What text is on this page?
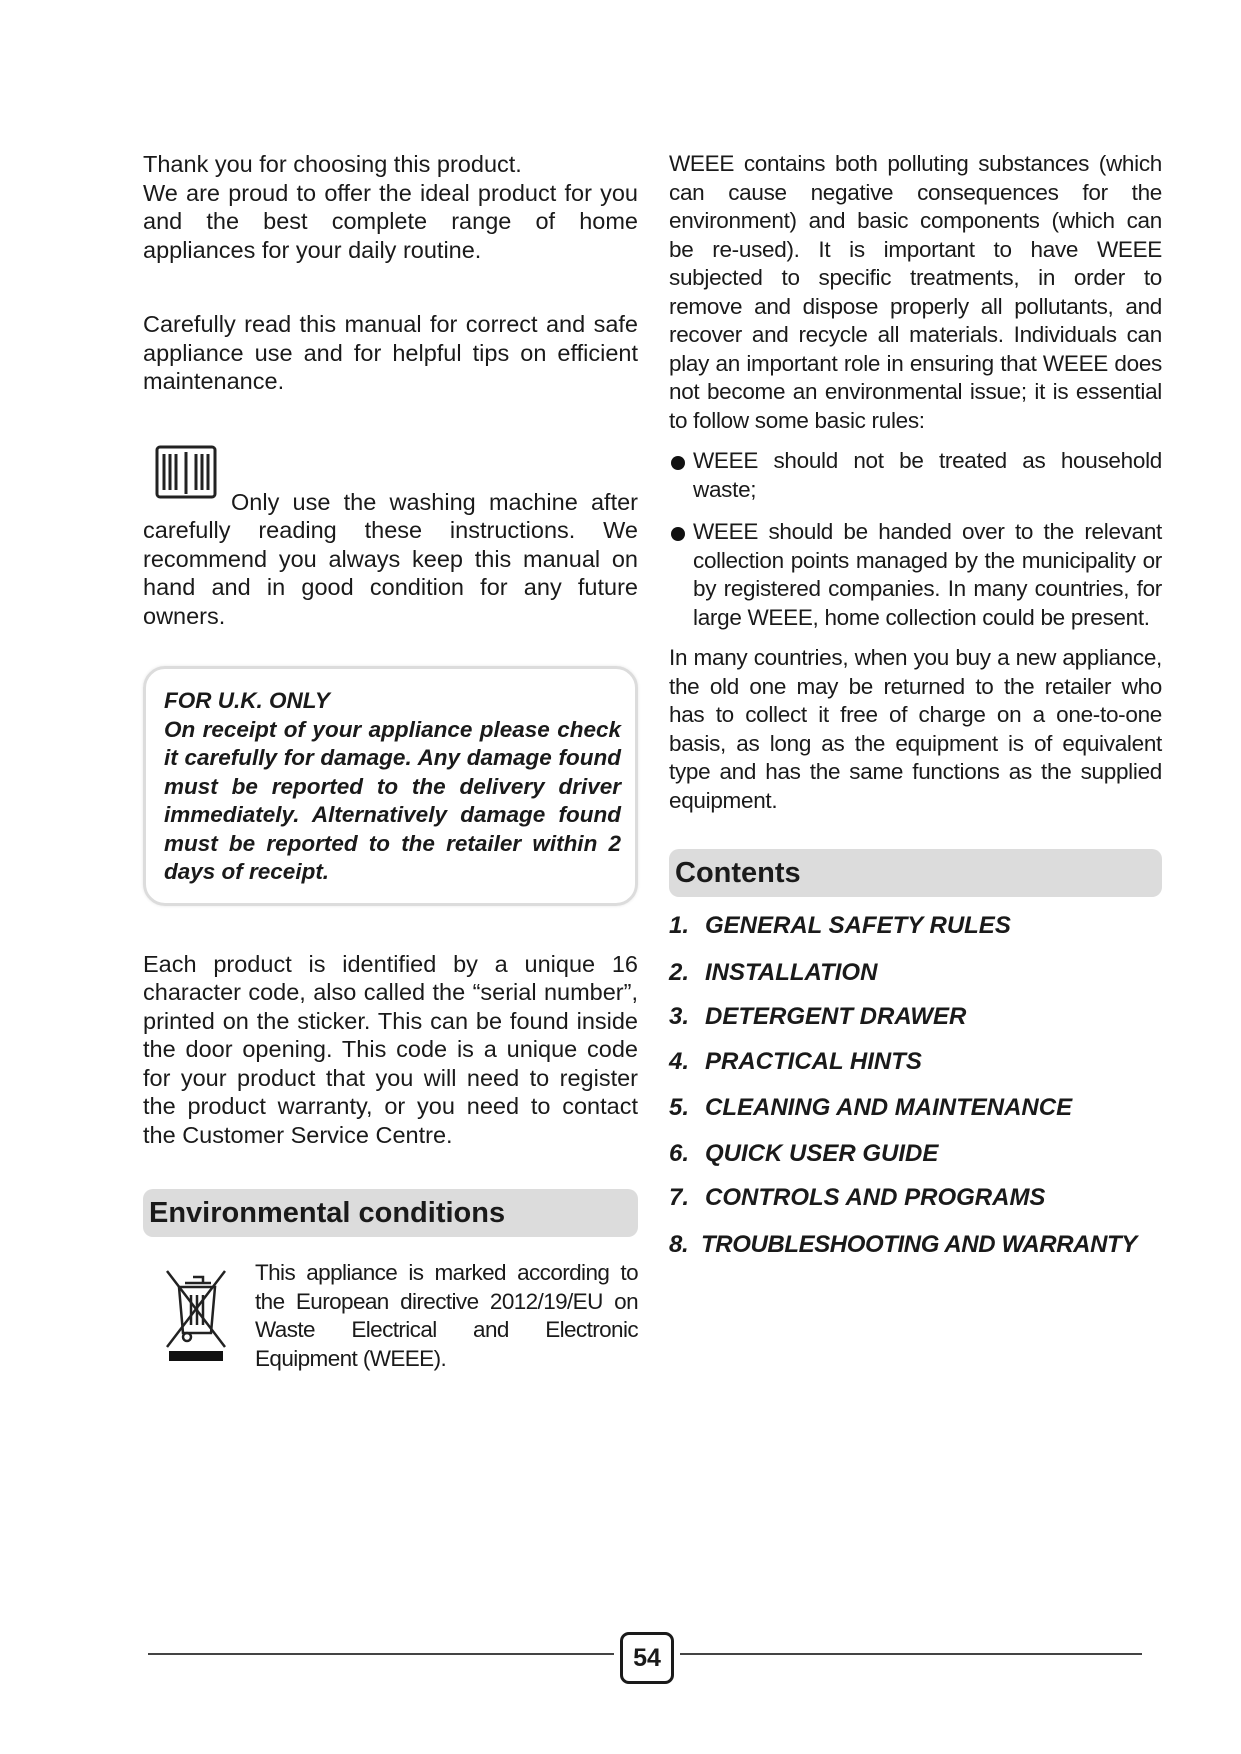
Thank you for choosing this product.

We are proud to offer the ideal product for you and the best complete range of home appliances for your daily routine.

Carefully read this manual for correct and safe appliance use and for helpful tips on efficient maintenance.

Only use the washing machine after carefully reading these instructions. We recommend you always keep this manual on hand and in good condition for any future owners.

FOR U.K. ONLY

On receipt of your appliance please check it carefully for damage. Any damage found must be reported to the delivery driver immediately. Alternatively damage found must be reported to the retailer within 2 days of receipt.

Each product is identified by a unique 16 character code, also called the “serial number”, printed on the sticker. This can be found inside the door opening. This code is a unique code for your product that you will need to register the product warranty, or you need to contact the Customer Service Centre.

Environmental conditions

This appliance is marked according to the European directive 2012/19/EU on Waste Electrical and Electronic Equipment (WEEE).

WEEE contains both polluting substances (which can cause negative consequences for the environment) and basic components (which can be re-used). It is important to have WEEE subjected to specific treatments, in order to remove and dispose properly all pollutants, and recover and recycle all materials. Individuals can play an important role in ensuring that WEEE does not become an environmental issue; it is essential to follow some basic rules:

WEEE should not be treated as household waste;

WEEE should be handed over to the relevant collection points managed by the municipality or by registered companies. In many countries, for large WEEE, home collection could be present.

In many countries, when you buy a new appliance, the old one may be returned to the retailer who has to collect it free of charge on a one-to-one basis, as long as the equipment is of equivalent type and has the same functions as the supplied equipment.

Contents
1. GENERAL SAFETY RULES
2. INSTALLATION
3. DETERGENT DRAWER
4. PRACTICAL HINTS
5. CLEANING AND MAINTENANCE
6. QUICK USER GUIDE
7. CONTROLS AND PROGRAMS
8. TROUBLESHOOTING AND WARRANTY
54
